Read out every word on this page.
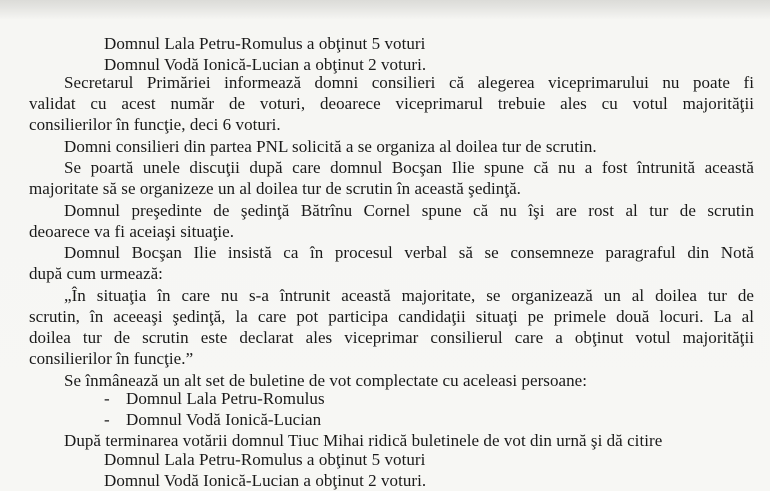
Domnul Lala Petru-Romulus a obţinut 5 voturi
Domnul Vodă Ionică-Lucian a obţinut 2 voturi.
Secretarul Primăriei informează domni consilieri că alegerea viceprimarului nu poate fi
validat cu acest număr de voturi, deoarece viceprimarul trebuie ales cu votul majorităţii
consilierilor în funcţie, deci 6 voturi.
Domni consilieri din partea PNL solicită a se organiza al doilea tur de scrutin.
Se poartă unele discuţii după care domnul Bocşan Ilie spune că nu a fost întrunită această
majoritate să se organizeze un al doilea tur de scrutin în această şedinţă.
Domnul preşedinte de şedinţă Bătrînu Cornel spune că nu îşi are rost al tur de scrutin
deoarece va fi aceiaşi situaţie.
Domnul Bocşan Ilie insistă ca în procesul verbal să se consemneze paragraful din Notă
după cum urmează:
„În situaţia în care nu s-a întrunit această majoritate, se organizează un al doilea tur de
scrutin, în aceeaşi şedinţă, la care pot participa candidaţii situaţi pe primele două locuri. La al
doilea tur de scrutin este declarat ales viceprimar consilierul care a obţinut votul majorităţii
consilierilor în funcţie.”
Se înmânează un alt set de buletine de vot complectate cu aceleasi persoane:
- Domnul Lala Petru-Romulus
- Domnul Vodă Ionică-Lucian
După terminarea votării domnul Tiuc Mihai ridică buletinele de vot din urnă şi dă citire
Domnul Lala Petru-Romulus a obţinut 5 voturi
Domnul Vodă Ionică-Lucian a obţinut 2 voturi.
